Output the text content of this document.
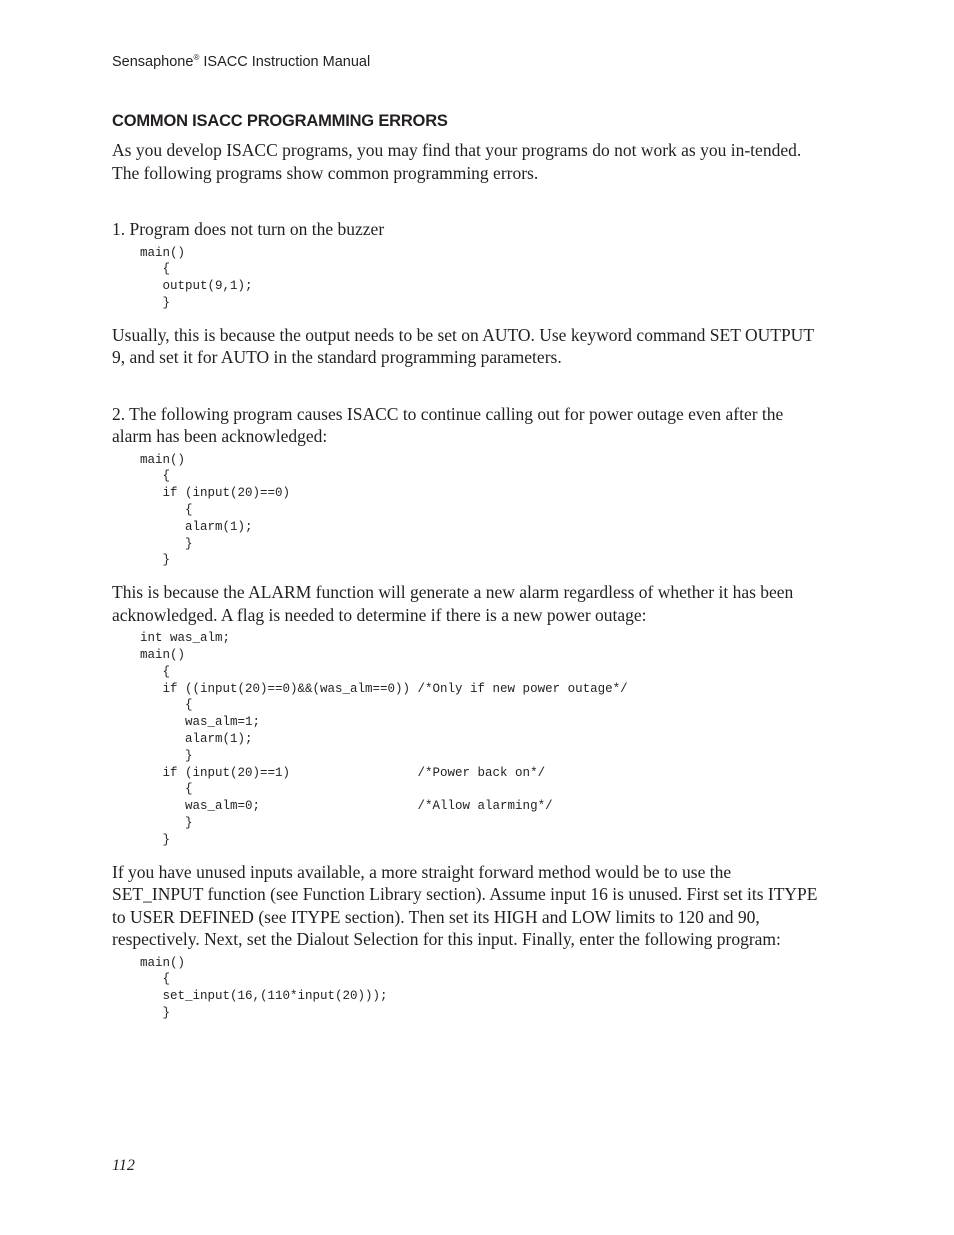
Sensaphone® ISACC Instruction Manual
COMMON ISACC PROGRAMMING ERRORS

As you develop ISACC programs, you may find that your programs do not work as you in-tended. The following programs show common programming errors.

1. Program does not turn on the buzzer

main()
{
output(9,1);
}

Usually, this is because the output needs to be set on AUTO. Use keyword command SET OUTPUT 9, and set it for AUTO in the standard programming parameters.

2. The following program causes ISACC to continue calling out for power outage even after the alarm has been acknowledged:

main()
{
if (input(20)==0)
{
alarm(1);
}
}

This is because the ALARM function will generate a new alarm regardless of whether it has been acknowledged. A flag is needed to determine if there is a new power outage:

int was_alm;
main()
{
if ((input(20)==0)&&(was_alm==0)) /*Only if new power outage*/
{
was_alm=1;
alarm(1);
}
if (input(20)==1)                 /*Power back on*/
{
was_alm=0;                     /*Allow alarming*/
}
}

If you have unused inputs available, a more straight forward method would be to use the SET_INPUT function (see Function Library section). Assume input 16 is unused. First set its ITYPE to USER DEFINED (see ITYPE section). Then set its HIGH and LOW limits to 120 and 90, respectively. Next, set the Dialout Selection for this input. Finally, enter the following program:

main()
{
set_input(16,(110*input(20)));
}
112
